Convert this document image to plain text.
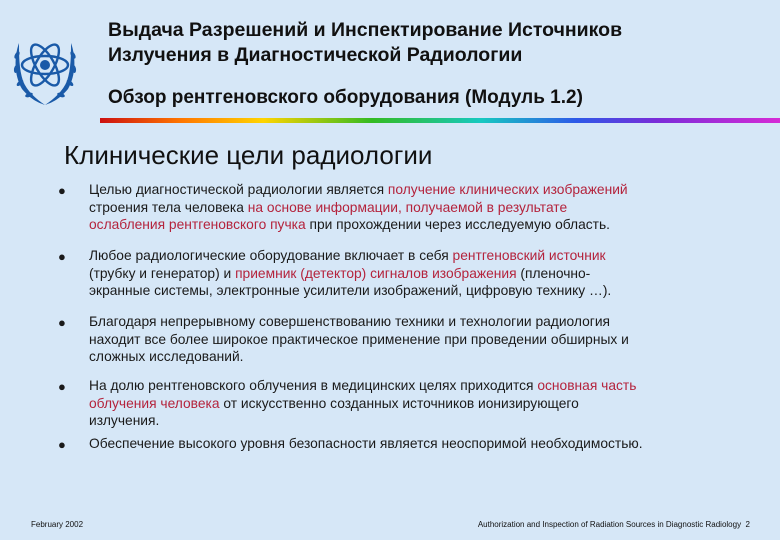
Выдача Разрешений и Инспектирование Источников
Излучения в Диагностической Радиологии
Обзор рентгеновского оборудования (Модуль 1.2)
Клинические цели радиологии
● Целью диагностической радиологии является получение клинических изображений
строения тела человека на основе информации, получаемой в результате
ослабления рентгеновского пучка при прохождении через исследуемую область.
● Любое радиологические оборудование включает в себя рентгеновский источник
(трубку и генератор) и приемник (детектор) сигналов изображения (пленочно-
экранные системы, электронные усилители изображений, цифровую технику …).
● Благодаря непрерывному совершенствованию техники и технологии радиология
находит все более широкое практическое применение при проведении обширных и
сложных исследований.
● На долю рентгеновского облучения в медицинских целях приходится основная часть
облучения человека от искусственно созданных источников ионизирующего
излучения.
● Обеспечение высокого уровня безопасности является неоспоримой необходимостью.
February 2002	Authorization and Inspection of Radiation Sources in Diagnostic Radiology 2
